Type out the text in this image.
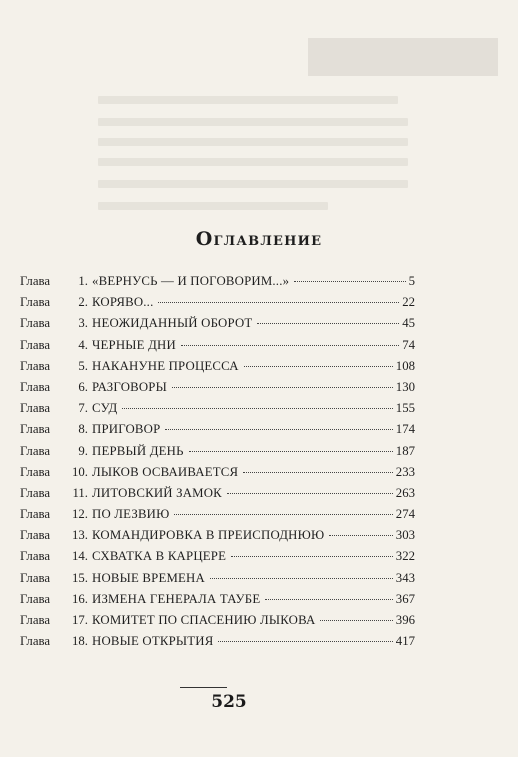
Оглавление
Глава	1. «ВЕРНУСЬ — И ПОГОВОРИМ...»	5
Глава	2. КОРЯВО...	22
Глава	3. НЕОЖИДАННЫЙ ОБОРОТ	45
Глава	4. ЧЕРНЫЕ ДНИ	74
Глава	5. НАКАНУНЕ ПРОЦЕССА	108
Глава	6. РАЗГОВОРЫ	130
Глава	7. СУД	155
Глава	8. ПРИГОВОР	174
Глава	9. ПЕРВЫЙ ДЕНЬ	187
Глава	10. ЛЫКОВ ОСВАИВАЕТСЯ	233
Глава	11. ЛИТОВСКИЙ ЗАМОК	263
Глава	12. ПО ЛЕЗВИЮ	274
Глава	13. КОМАНДИРОВКА В ПРЕИСПОДНЮЮ	303
Глава	14. СХВАТКА В КАРЦЕРЕ	322
Глава	15. НОВЫЕ ВРЕМЕНА	343
Глава	16. ИЗМЕНА ГЕНЕРАЛА ТАУБЕ	367
Глава	17. КОМИТЕТ ПО СПАСЕНИЮ ЛЫКОВА	396
Глава	18. НОВЫЕ ОТКРЫТИЯ	417
525
